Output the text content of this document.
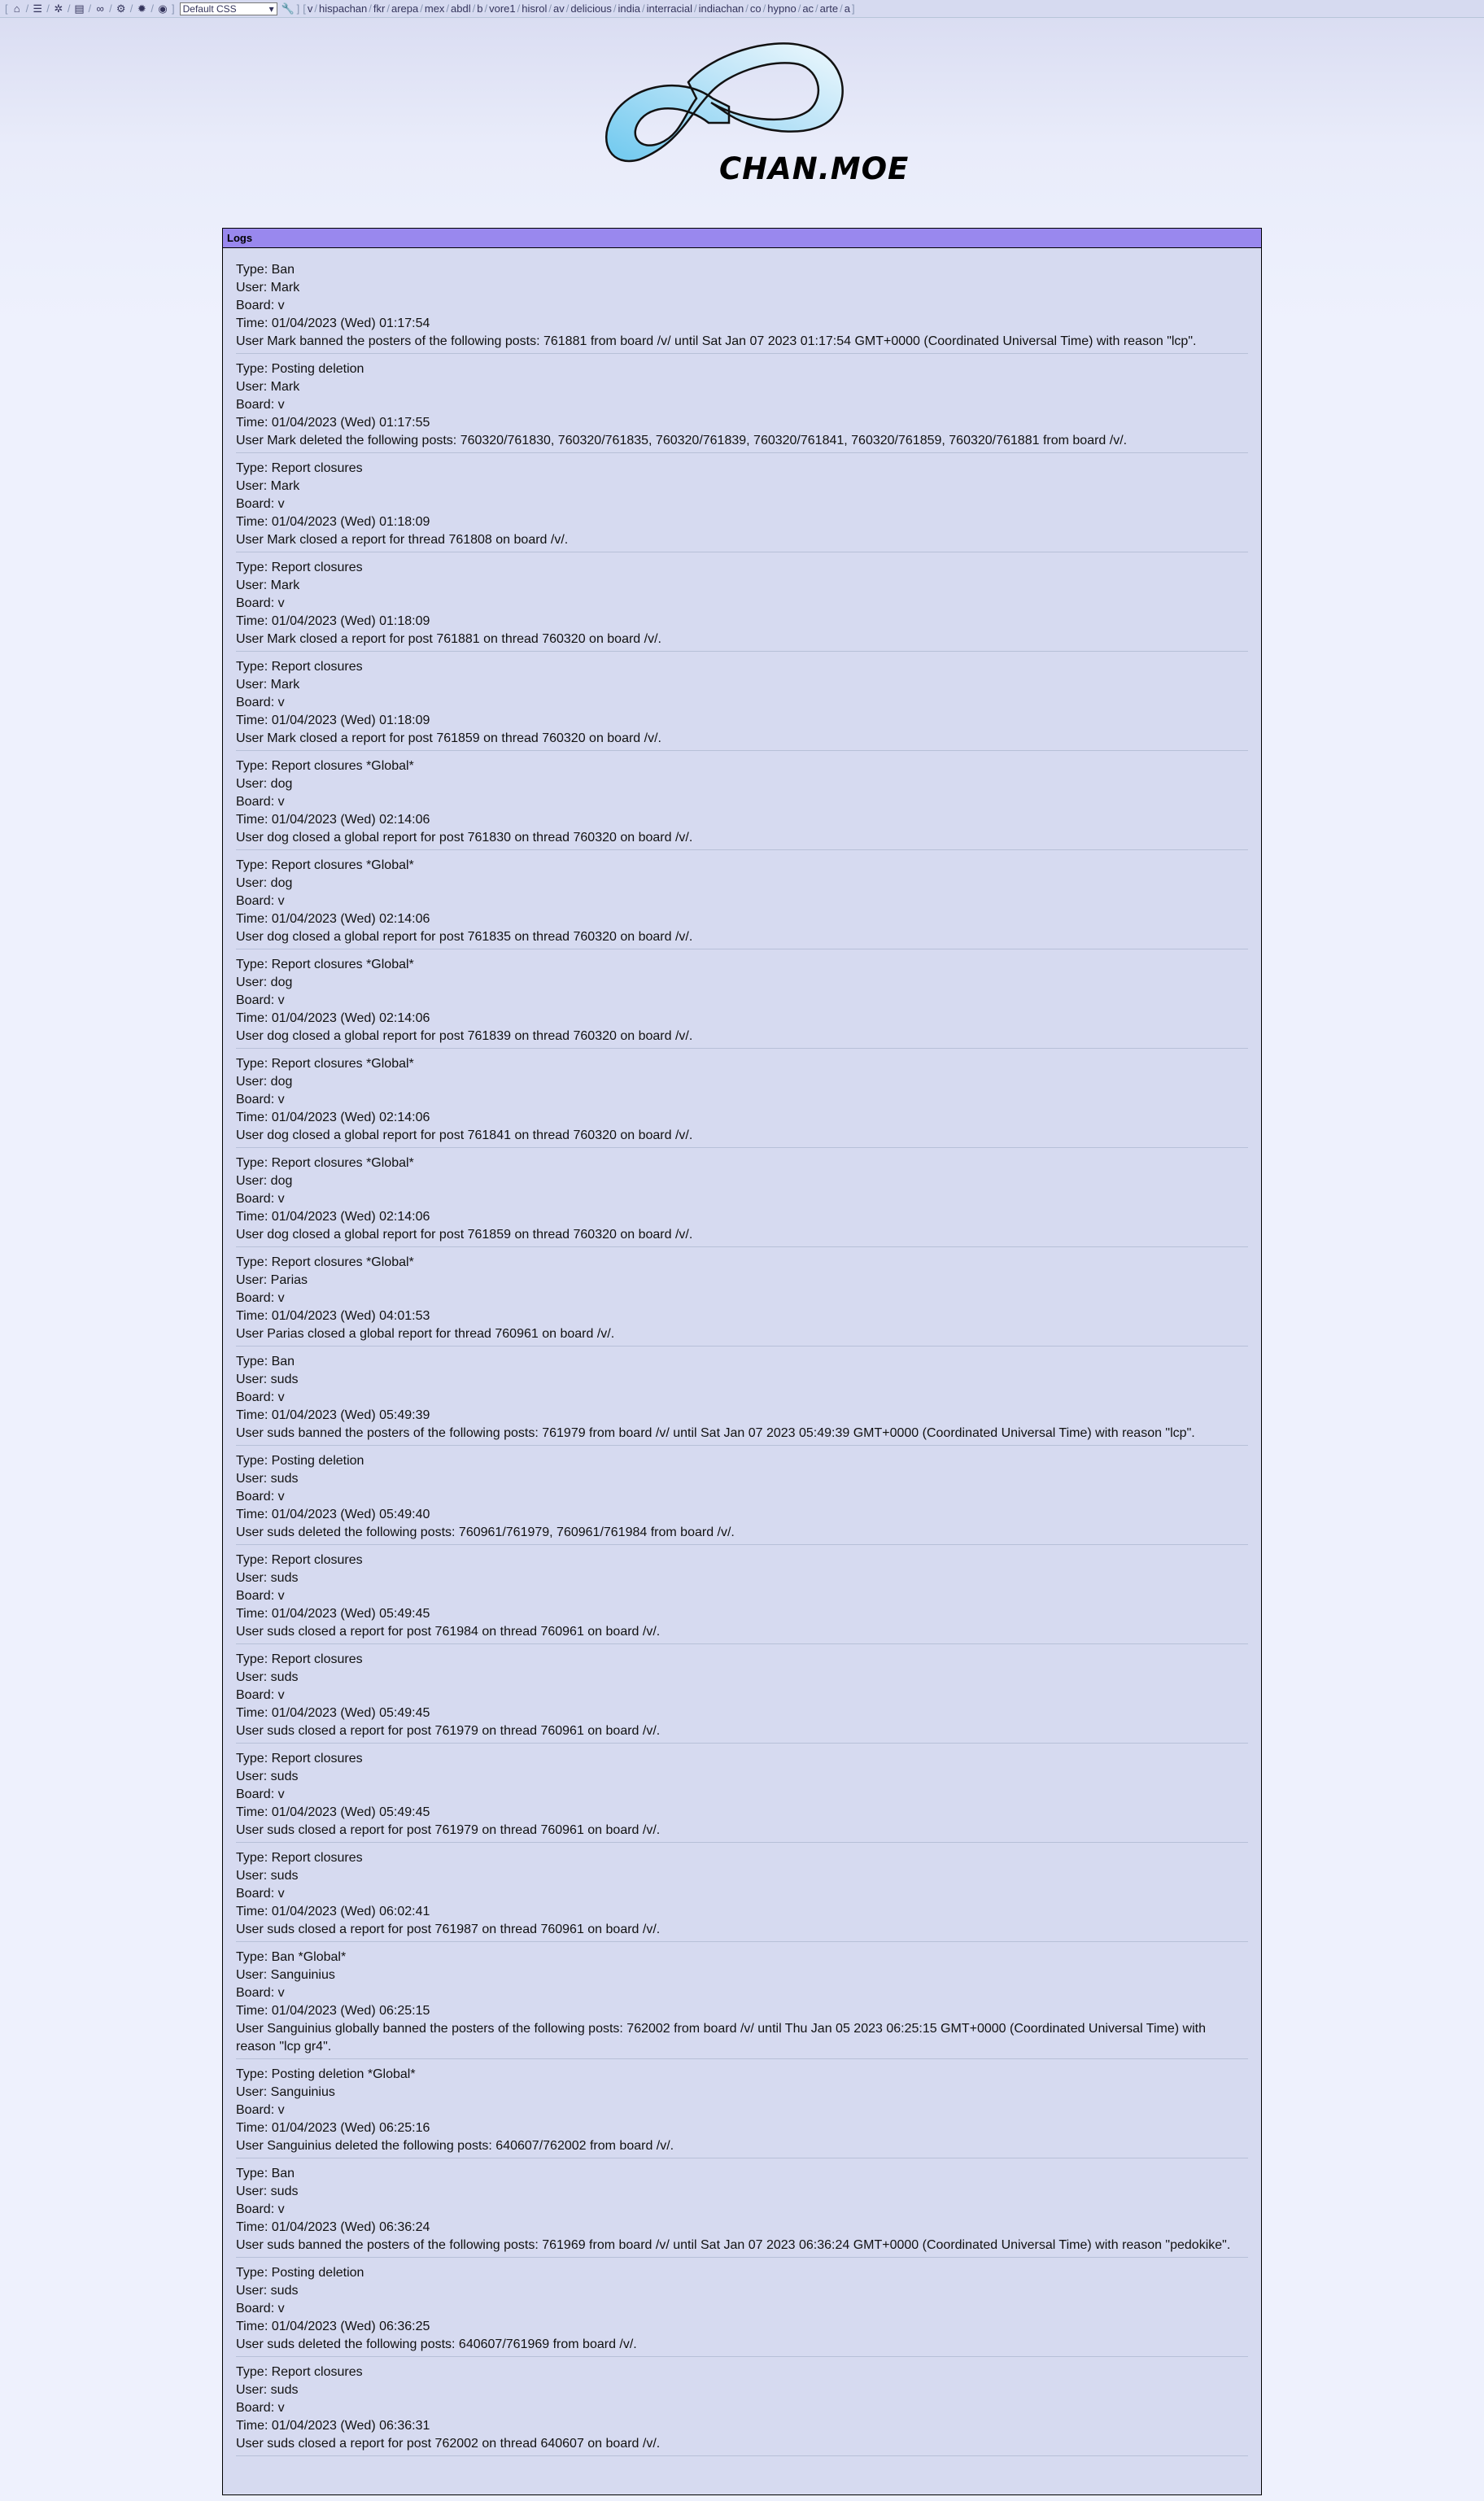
[ ⌂ / ☰ / ✲ / ▤ / ∞ / ⚙ / ✹ / ◉ ] Default CSS	▾ 🔧 ] [ v / hispachan / fkr / arepa / mex / abdl / b / vore1 / hisrol / av / delicious / india / interracial / indiachan / co / hypno / ac / arte / a ]
CHAN.MOE
Logs
Type: Ban
User: Mark
Board: v
Time: 01/04/2023 (Wed) 01:17:54
User Mark banned the posters of the following posts: 761881 from board /v/ until Sat Jan 07 2023 01:17:54 GMT+0000 (Coordinated Universal Time) with reason "lcp".
Type: Posting deletion
User: Mark
Board: v
Time: 01/04/2023 (Wed) 01:17:55
User Mark deleted the following posts: 760320/761830, 760320/761835, 760320/761839, 760320/761841, 760320/761859, 760320/761881 from board /v/.
Type: Report closures
User: Mark
Board: v
Time: 01/04/2023 (Wed) 01:18:09
User Mark closed a report for thread 761808 on board /v/.
Type: Report closures
User: Mark
Board: v
Time: 01/04/2023 (Wed) 01:18:09
User Mark closed a report for post 761881 on thread 760320 on board /v/.
Type: Report closures
User: Mark
Board: v
Time: 01/04/2023 (Wed) 01:18:09
User Mark closed a report for post 761859 on thread 760320 on board /v/.
Type: Report closures *Global*
User: dog
Board: v
Time: 01/04/2023 (Wed) 02:14:06
User dog closed a global report for post 761830 on thread 760320 on board /v/.
Type: Report closures *Global*
User: dog
Board: v
Time: 01/04/2023 (Wed) 02:14:06
User dog closed a global report for post 761835 on thread 760320 on board /v/.
Type: Report closures *Global*
User: dog
Board: v
Time: 01/04/2023 (Wed) 02:14:06
User dog closed a global report for post 761839 on thread 760320 on board /v/.
Type: Report closures *Global*
User: dog
Board: v
Time: 01/04/2023 (Wed) 02:14:06
User dog closed a global report for post 761841 on thread 760320 on board /v/.
Type: Report closures *Global*
User: dog
Board: v
Time: 01/04/2023 (Wed) 02:14:06
User dog closed a global report for post 761859 on thread 760320 on board /v/.
Type: Report closures *Global*
User: Parias
Board: v
Time: 01/04/2023 (Wed) 04:01:53
User Parias closed a global report for thread 760961 on board /v/.
Type: Ban
User: suds
Board: v
Time: 01/04/2023 (Wed) 05:49:39
User suds banned the posters of the following posts: 761979 from board /v/ until Sat Jan 07 2023 05:49:39 GMT+0000 (Coordinated Universal Time) with reason "lcp".
Type: Posting deletion
User: suds
Board: v
Time: 01/04/2023 (Wed) 05:49:40
User suds deleted the following posts: 760961/761979, 760961/761984 from board /v/.
Type: Report closures
User: suds
Board: v
Time: 01/04/2023 (Wed) 05:49:45
User suds closed a report for post 761984 on thread 760961 on board /v/.
Type: Report closures
User: suds
Board: v
Time: 01/04/2023 (Wed) 05:49:45
User suds closed a report for post 761979 on thread 760961 on board /v/.
Type: Report closures
User: suds
Board: v
Time: 01/04/2023 (Wed) 05:49:45
User suds closed a report for post 761979 on thread 760961 on board /v/.
Type: Report closures
User: suds
Board: v
Time: 01/04/2023 (Wed) 06:02:41
User suds closed a report for post 761987 on thread 760961 on board /v/.
Type: Ban *Global*
User: Sanguinius
Board: v
Time: 01/04/2023 (Wed) 06:25:15
User Sanguinius globally banned the posters of the following posts: 762002 from board /v/ until Thu Jan 05 2023 06:25:15 GMT+0000 (Coordinated Universal Time) with reason "lcp gr4".
Type: Posting deletion *Global*
User: Sanguinius
Board: v
Time: 01/04/2023 (Wed) 06:25:16
User Sanguinius deleted the following posts: 640607/762002 from board /v/.
Type: Ban
User: suds
Board: v
Time: 01/04/2023 (Wed) 06:36:24
User suds banned the posters of the following posts: 761969 from board /v/ until Sat Jan 07 2023 06:36:24 GMT+0000 (Coordinated Universal Time) with reason "pedokike".
Type: Posting deletion
User: suds
Board: v
Time: 01/04/2023 (Wed) 06:36:25
User suds deleted the following posts: 640607/761969 from board /v/.
Type: Report closures
User: suds
Board: v
Time: 01/04/2023 (Wed) 06:36:31
User suds closed a report for post 762002 on thread 640607 on board /v/.
